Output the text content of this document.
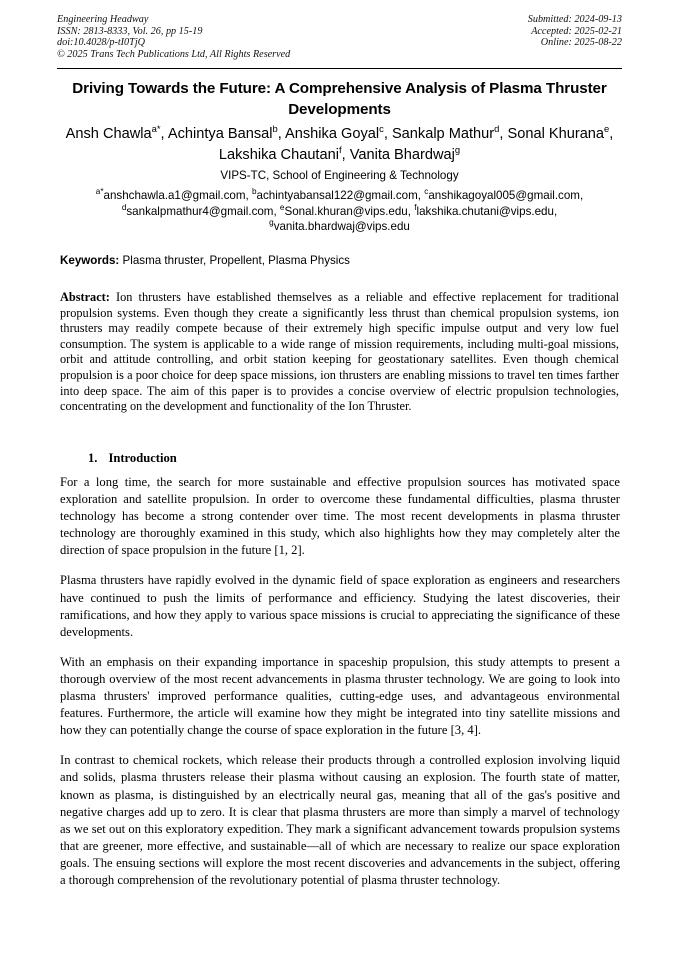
Engineering Headway
ISSN: 2813-8333, Vol. 26, pp 15-19
doi:10.4028/p-tI0TjQ
© 2025 Trans Tech Publications Ltd, All Rights Reserved
Submitted: 2024-09-13
Accepted: 2025-02-21
Online: 2025-08-22
Driving Towards the Future: A Comprehensive Analysis of Plasma Thruster Developments
Ansh Chawla$^{a*}$, Achintya Bansal$^b$, Anshika Goyal$^c$, Sankalp Mathur$^d$, Sonal Khurana$^e$, Lakshika Chautani$^f$, Vanita Bhardwaj$^g$
VIPS-TC, School of Engineering & Technology
$^{a*}$anshchawla.a1@gmail.com, $^b$achintyabansal122@gmail.com, $^c$anshikagoyal005@gmail.com, $^d$sankalpmathur4@gmail.com, $^e$Sonal.khuran@vips.edu, $^f$lakshika.chutani@vips.edu, $^g$vanita.bhardwaj@vips.edu
Keywords: Plasma thruster, Propellent, Plasma Physics
Abstract: Ion thrusters have established themselves as a reliable and effective replacement for traditional propulsion systems. Even though they create a significantly less thrust than chemical propulsion systems, ion thrusters may readily compete because of their extremely high specific impulse output and very low fuel consumption. The system is applicable to a wide range of mission requirements, including multi-goal missions, orbit and attitude controlling, and orbit station keeping for geostationary satellites. Even though chemical propulsion is a poor choice for deep space missions, ion thrusters are enabling missions to travel ten times farther into deep space. The aim of this paper is to provides a concise overview of electric propulsion technologies, concentrating on the development and functionality of the Ion Thruster.
1. Introduction

For a long time, the search for more sustainable and effective propulsion sources has motivated space exploration and satellite propulsion. In order to overcome these fundamental difficulties, plasma thruster technology has become a strong contender over time. The most recent developments in plasma thruster technology are thoroughly examined in this study, which also highlights how they may completely alter the direction of space propulsion in the future [1, 2].

Plasma thrusters have rapidly evolved in the dynamic field of space exploration as engineers and researchers have continued to push the limits of performance and efficiency. Studying the latest discoveries, their ramifications, and how they apply to various space missions is crucial to appreciating the significance of these developments.

With an emphasis on their expanding importance in spaceship propulsion, this study attempts to present a thorough overview of the most recent advancements in plasma thruster technology. We are going to look into plasma thrusters' improved performance qualities, cutting-edge uses, and advantageous environmental features. Furthermore, the article will examine how they might be integrated into tiny satellite missions and how they can potentially change the course of space exploration in the future [3, 4].

In contrast to chemical rockets, which release their products through a controlled explosion involving liquid and solids, plasma thrusters release their plasma without causing an explosion. The fourth state of matter, known as plasma, is distinguished by an electrically neural gas, meaning that all of the gas's positive and negative charges add up to zero. It is clear that plasma thrusters are more than simply a marvel of technology as we set out on this exploratory expedition. They mark a significant advancement towards propulsion systems that are greener, more effective, and sustainable—all of which are necessary to realize our space exploration goals. The ensuing sections will explore the most recent discoveries and advancements in the subject, offering a thorough comprehension of the revolutionary potential of plasma thruster technology.
